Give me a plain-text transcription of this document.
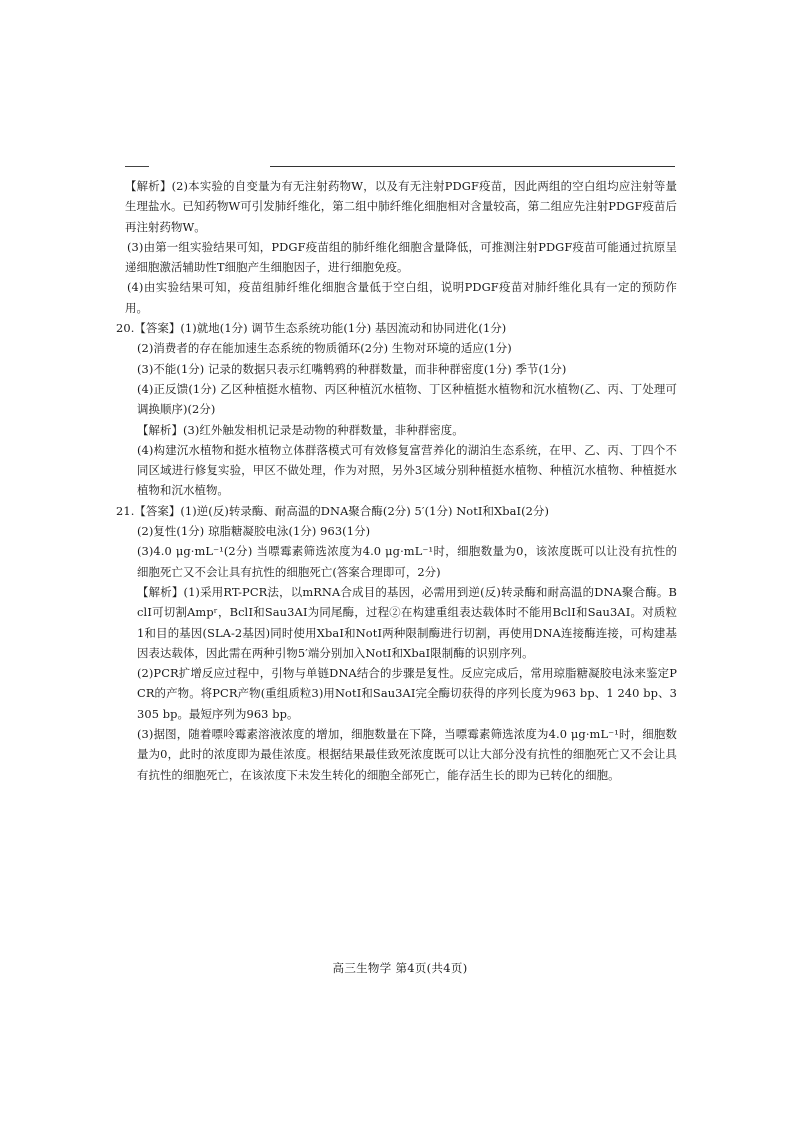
【解析】(2)本实验的自变量为有无注射药物W，以及有无注射PDGF疫苗，因此两组的空白组均应注射等量生理盐水。已知药物W可引发肺纤维化，第二组中肺纤维化细胞相对含量较高，第二组应先注射PDGF疫苗后再注射药物W。

(3)由第一组实验结果可知，PDGF疫苗组的肺纤维化细胞含量降低，可推测注射PDGF疫苗可能通过抗原呈递细胞激活辅助性T细胞产生细胞因子，进行细胞免疫。

(4)由实验结果可知，疫苗组肺纤维化细胞含量低于空白组，说明PDGF疫苗对肺纤维化具有一定的预防作用。

20.【答案】(1)就地(1分) 调节生态系统功能(1分) 基因流动和协同进化(1分)

(2)消费者的存在能加速生态系统的物质循环(2分) 生物对环境的适应(1分)

(3)不能(1分) 记录的数据只表示红嘴鹎鸦的种群数量，而非种群密度(1分) 季节(1分)

(4)正反馈(1分) 乙区种植挺水植物、丙区种植沉水植物、丁区种植挺水植物和沉水植物(乙、丙、丁处理可调换顺序)(2分)

【解析】(3)红外触发相机记录是动物的种群数量，非种群密度。

(4)构建沉水植物和挺水植物立体群落模式可有效修复富营养化的湖泊生态系统，在甲、乙、丙、丁四个不同区域进行修复实验，甲区不做处理，作为对照，另外3区域分别种植挺水植物、种植沉水植物、种植挺水植物和沉水植物。

21.【答案】(1)逆(反)转录酶、耐高温的DNA聚合酶(2分) 5′(1分) NotⅠ和XbaⅠ(2分)

(2)复性(1分) 琼脂糖凝胶电泳(1分) 963(1分)

(3)4.0 μg·mL⁻¹(2分) 当嘌霉素筛选浓度为4.0 μg·mL⁻¹时，细胞数量为0，该浓度既可以让没有抗性的细胞死亡又不会让具有抗性的细胞死亡(答案合理即可，2分)

【解析】(1)采用RT-PCR法，以mRNA合成目的基因，必需用到逆(反)转录酶和耐高温的DNA聚合酶。BclⅠ可切割Ampʳ，BclⅠ和Sau3AⅠ为同尾酶，过程②在构建重组表达载体时不能用BclⅠ和Sau3AⅠ。对质粒1和目的基因(SLA-2基因)同时使用XbaⅠ和NotⅠ两种限制酶进行切割，再使用DNA连接酶连接，可构建基因表达载体，因此需在两种引物5′端分别加入NotⅠ和XbaⅠ限制酶的识别序列。

(2)PCR扩增反应过程中，引物与单链DNA结合的步骤是复性。反应完成后，常用琼脂糖凝胶电泳来鉴定PCR的产物。将PCR产物(重组质粒3)用NotⅠ和Sau3AⅠ完全酶切获得的序列长度为963 bp、1 240 bp、3 305 bp。最短序列为963 bp。

(3)据图，随着嘌呤霉素溶液浓度的增加，细胞数量在下降，当嘌霉素筛选浓度为4.0 μg·mL⁻¹时，细胞数量为0，此时的浓度即为最佳浓度。根据结果最佳致死浓度既可以让大部分没有抗性的细胞死亡又不会让具有抗性的细胞死亡，在该浓度下未发生转化的细胞全部死亡，能存活生长的即为已转化的细胞。

高三生物学 第4页(共4页)
